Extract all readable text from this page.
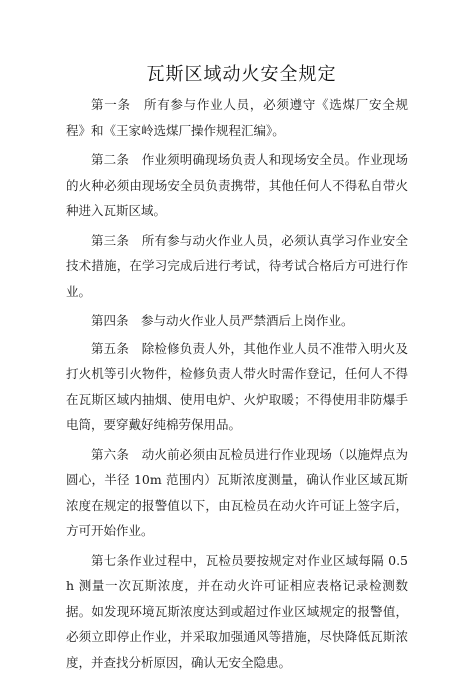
瓦斯区域动火安全规定

第一条　所有参与作业人员，必须遵守《选煤厂安全规程》和《王家岭选煤厂操作规程汇编》。

第二条　作业须明确现场负责人和现场安全员。作业现场的火种必须由现场安全员负责携带，其他任何人不得私自带火种进入瓦斯区域。

第三条　所有参与动火作业人员，必须认真学习作业安全技术措施，在学习完成后进行考试，待考试合格后方可进行作业。

第四条　参与动火作业人员严禁酒后上岗作业。

第五条　除检修负责人外，其他作业人员不准带入明火及打火机等引火物件，检修负责人带火时需作登记，任何人不得在瓦斯区域内抽烟、使用电炉、火炉取暖；不得使用非防爆手电筒，要穿戴好纯棉劳保用品。

第六条　动火前必须由瓦检员进行作业现场（以施焊点为圆心，半径 10m 范围内）瓦斯浓度测量，确认作业区域瓦斯浓度在规定的报警值以下，由瓦检员在动火许可证上签字后，方可开始作业。

第七条作业过程中，瓦检员要按规定对作业区域每隔 0.5h 测量一次瓦斯浓度，并在动火许可证相应表格记录检测数据。如发现环境瓦斯浓度达到或超过作业区域规定的报警值，必须立即停止作业，并采取加强通风等措施，尽快降低瓦斯浓度，并查找分析原因，确认无安全隐患。
